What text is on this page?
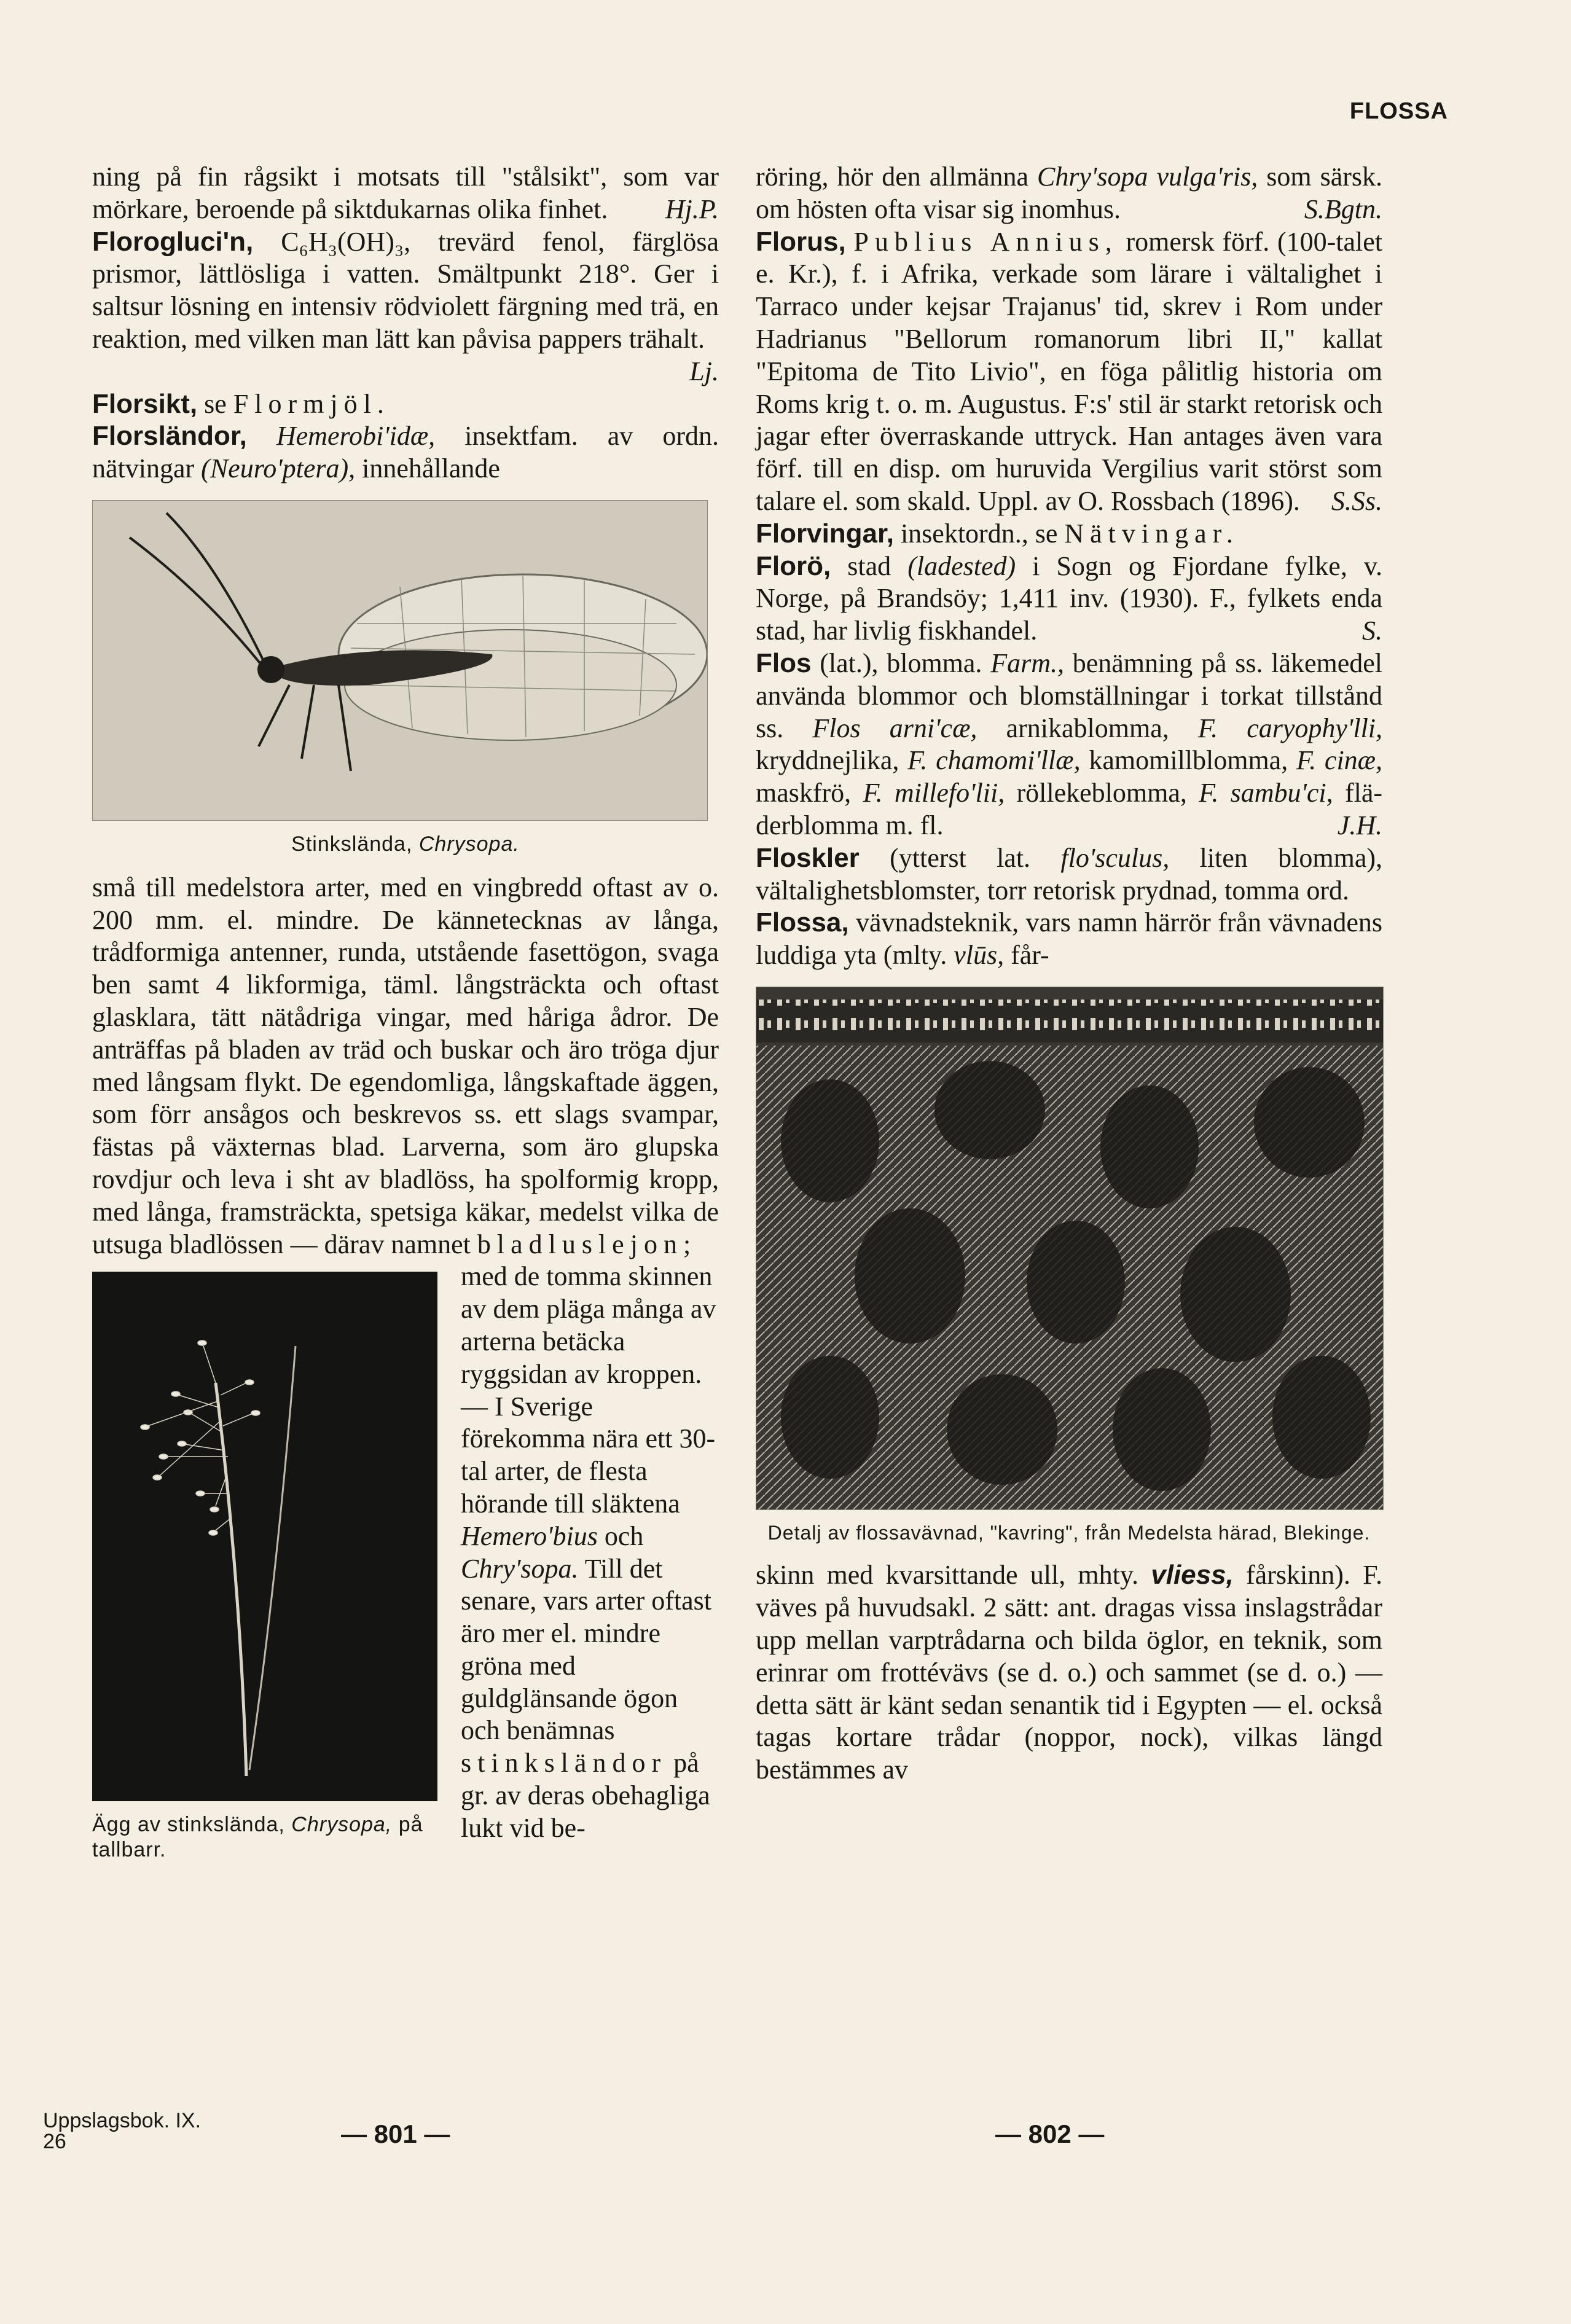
FLOSSA

ning på fin rågsikt i motsats till "stålsikt", som var mörkare, beroende på siktdukarnas olika finhet. Hj.P.

Florogluci'n, C₆H₃(OH)₃, trevärd fenol, färglösa prismor, lättlösliga i vatten. Smältpunkt 218°. Ger i saltsur lösning en intensiv rödviolett färgning med trä, en reaktion, med vilken man lätt kan påvisa pappers trähalt.
Lj.

Florsikt, se Flormjöl.

Florsländor, Hemerobi'idæ, insektfam. av ordn. nätvingar (Neuro'ptera), innehållande

Stinksländа, Chrysopa.

små till medelstora arter, med en vingbredd oftast av o. 200 mm. el. mindre. De kännetecknas av långa, trådformiga antenner, runda, utstående fasettögon, svaga ben samt 4 likformiga, täml. långsträckta och oftast glasklara, tätt nätådriga vingar, med håriga ådror. De anträffas på bladen av träd och buskar och äro tröga djur med långsam flykt. De egendomliga, långskaftade äggen, som förr ansågos och beskrevos ss. ett slags svampar, fästas på växternas blad. Larverna, som äro glupska rovdjur och leva i sht av bladlöss, ha spolformig kropp, med långa, framsträckta, spetsiga käkar, medelst vilka de utsuga bladlössen — därav namnet bladluslejon;

Ägg av stinkslända, Chrysopa, på tallbarr.

med de tomma skinnen av dem pläga många av arterna betäcka ryggsidan av kroppen. — I Sverige förekomma nära ett 30-tal arter, de flesta hörande till släktena Hemero'bius och Chry'sopa. Till det senare, vars arter oftast äro mer el. mindre gröna med guldglänsande ögon och benämnas stinksländor på gr. av deras obehagliga lukt vid be-

röring, hör den allmänna Chry'sopa vulga'ris, som särsk. om hösten ofta visar sig inomhus.	S.Bgtn.

Florus, Publius Annius, romersk förf. (100-talet e. Kr.), f. i Afrika, verkade som lärare i vältalighet i Tarraco under kejsar Trajanus' tid, skrev i Rom under Hadrianus "Bellorum romanorum libri II," kallat "Epitoma de Tito Livio", en föga pålitlig historia om Roms krig t. o. m. Augustus. F:s' stil är starkt retorisk och jagar efter överraskande uttryck. Han antages även vara förf. till en disp. om huruvida Vergilius varit störst som talare el. som skald. Uppl. av O. Rossbach (1896). S.Ss.

Florvingar, insektordn., se Nätvingar.

Florö, stad (ladested) i Sogn og Fjordane fylke, v. Norge, på Brandsöy; 1,411 inv. (1930). F., fylkets enda stad, har livlig fiskhandel.	S.

Flos (lat.), blomma. Farm., benämning på ss. läkemedel använda blommor och blomställningar i torkat tillstånd ss. Flos arni'cæ, arnikablomma, F. caryophy'lli, kryddnejlika, F. chamomi'llæ, kamomillblomma, F. cinæ, maskfrö, F. millefo'lii, röllekeblomma, F. sambu'ci, flä-derblomma m. fl.	J.H.

Floskler (ytterst lat. flo'sculus, liten blomma), vältalighetsblomster, torr retorisk prydnad, tomma ord.

Flossa, vävnadsteknik, vars namn härrör från vävnadens luddiga yta (mlty. vlūs, får-

Detalj av flossavävnad, "kavring", från Medelsta härad, Blekinge.

skinn med kvarsittande ull, mhty. vliess, fårskinn). F. väves på huvudsakl. 2 sätt: ant. dragas vissa inslagstrådar upp mellan varptrådarna och bilda öglor, en teknik, som erinrar om frottévävs (se d. o.) och sammet (se d. o.) — detta sätt är känt sedan senantik tid i Egypten — el. också tagas kortare trådar (noppor, nock), vilkas längd bestämmes av

Uppslagsbok. IX.
26	— 801 —	— 802 —
